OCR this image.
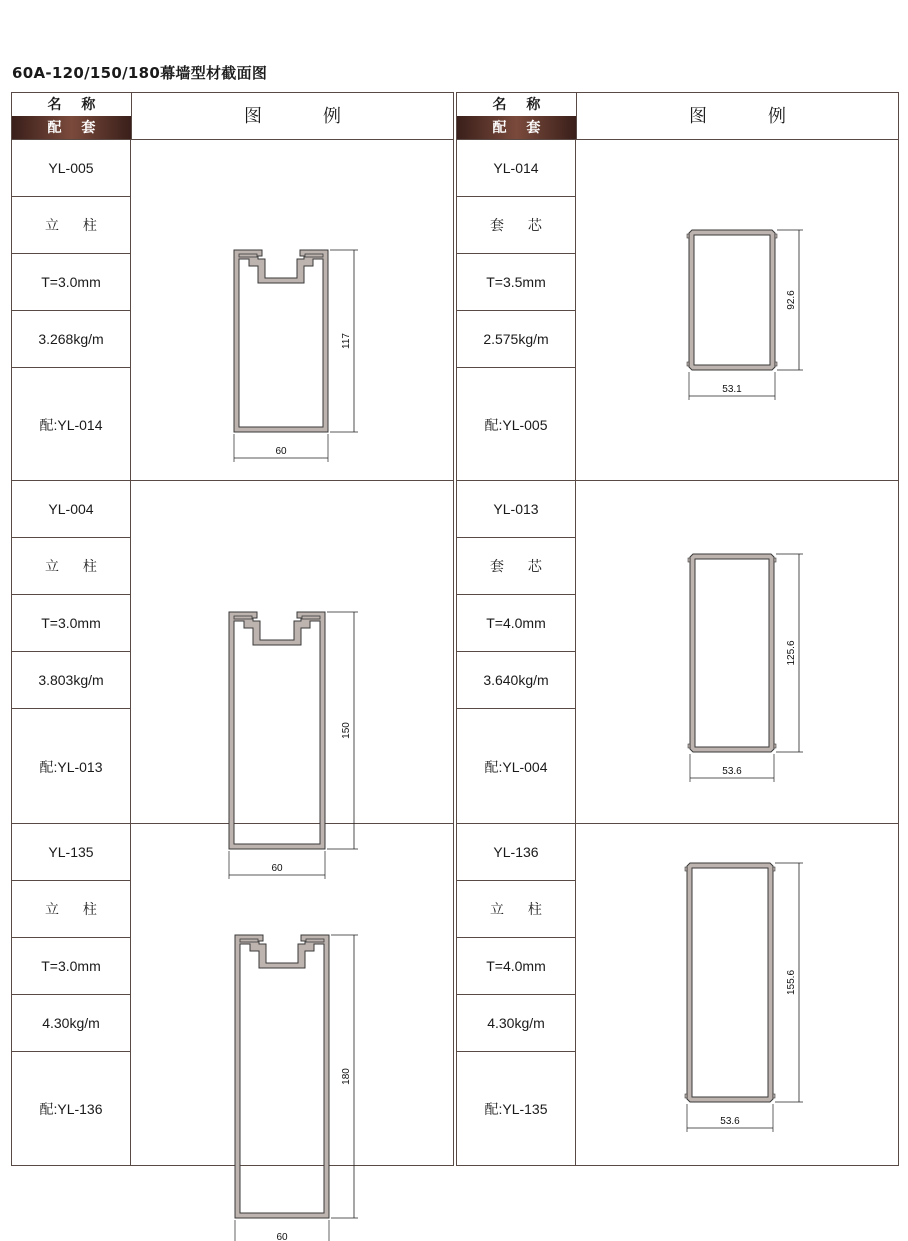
60A-120/150/180幕墙型材截面图
名 称
配 套
图 例
YL-005
立 柱
T=3.0mm
3.268kg/m
配:YL-014
117
60
YL-004
立 柱
T=3.0mm
3.803kg/m
配:YL-013
150
60
YL-135
立 柱
T=3.0mm
4.30kg/m
配:YL-136
180
60
名 称
配 套
图 例
YL-014
套 芯
T=3.5mm
2.575kg/m
配:YL-005
92.6
53.1
YL-013
套 芯
T=4.0mm
3.640kg/m
配:YL-004
125.6
53.6
YL-136
立 柱
T=4.0mm
4.30kg/m
配:YL-135
155.6
53.6
